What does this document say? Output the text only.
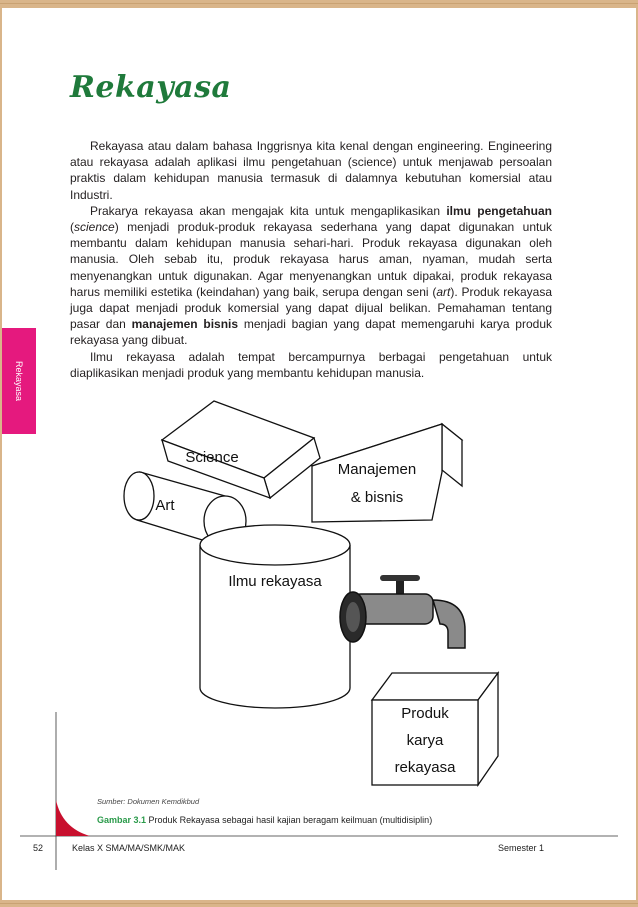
Rekayasa
Rekayasa

Rekayasa atau dalam bahasa Inggrisnya kita kenal dengan engineering. Engineering atau rekayasa adalah aplikasi ilmu pengetahuan (science) untuk menjawab persoalan praktis dalam kehidupan manusia termasuk di dalamnya kebutuhan komersial atau Industri.

Prakarya rekayasa akan mengajak kita untuk mengaplikasikan ilmu pengetahuan (science) menjadi produk-produk rekayasa sederhana yang dapat digunakan untuk membantu dalam kehidupan manusia sehari-hari. Produk rekayasa digunakan oleh manusia. Oleh sebab itu, produk rekayasa harus aman, nyaman, mudah serta menyenangkan untuk digunakan. Agar menyenangkan untuk dipakai, produk rekayasa harus memiliki estetika (keindahan) yang baik, serupa dengan seni (art). Produk rekayasa juga dapat menjadi produk komersial yang dapat dijual belikan. Pemahaman tentang pasar dan manajemen bisnis menjadi bagian yang dapat memengaruhi karya produk rekayasa yang dibuat.

Ilmu rekayasa adalah tempat bercampurnya berbagai pengetahuan untuk diaplikasikan menjadi produk yang membantu kehidupan manusia.

Science
Art
Manajemen
& bisnis
Ilmu rekayasa
Produk
karya
rekayasa
Sumber: Dokumen Kemdikbud
Gambar 3.1 Produk Rekayasa sebagai hasil kajian beragam keilmuan (multidisiplin)
52	Kelas X SMA/MA/SMK/MAK	Semester 1
